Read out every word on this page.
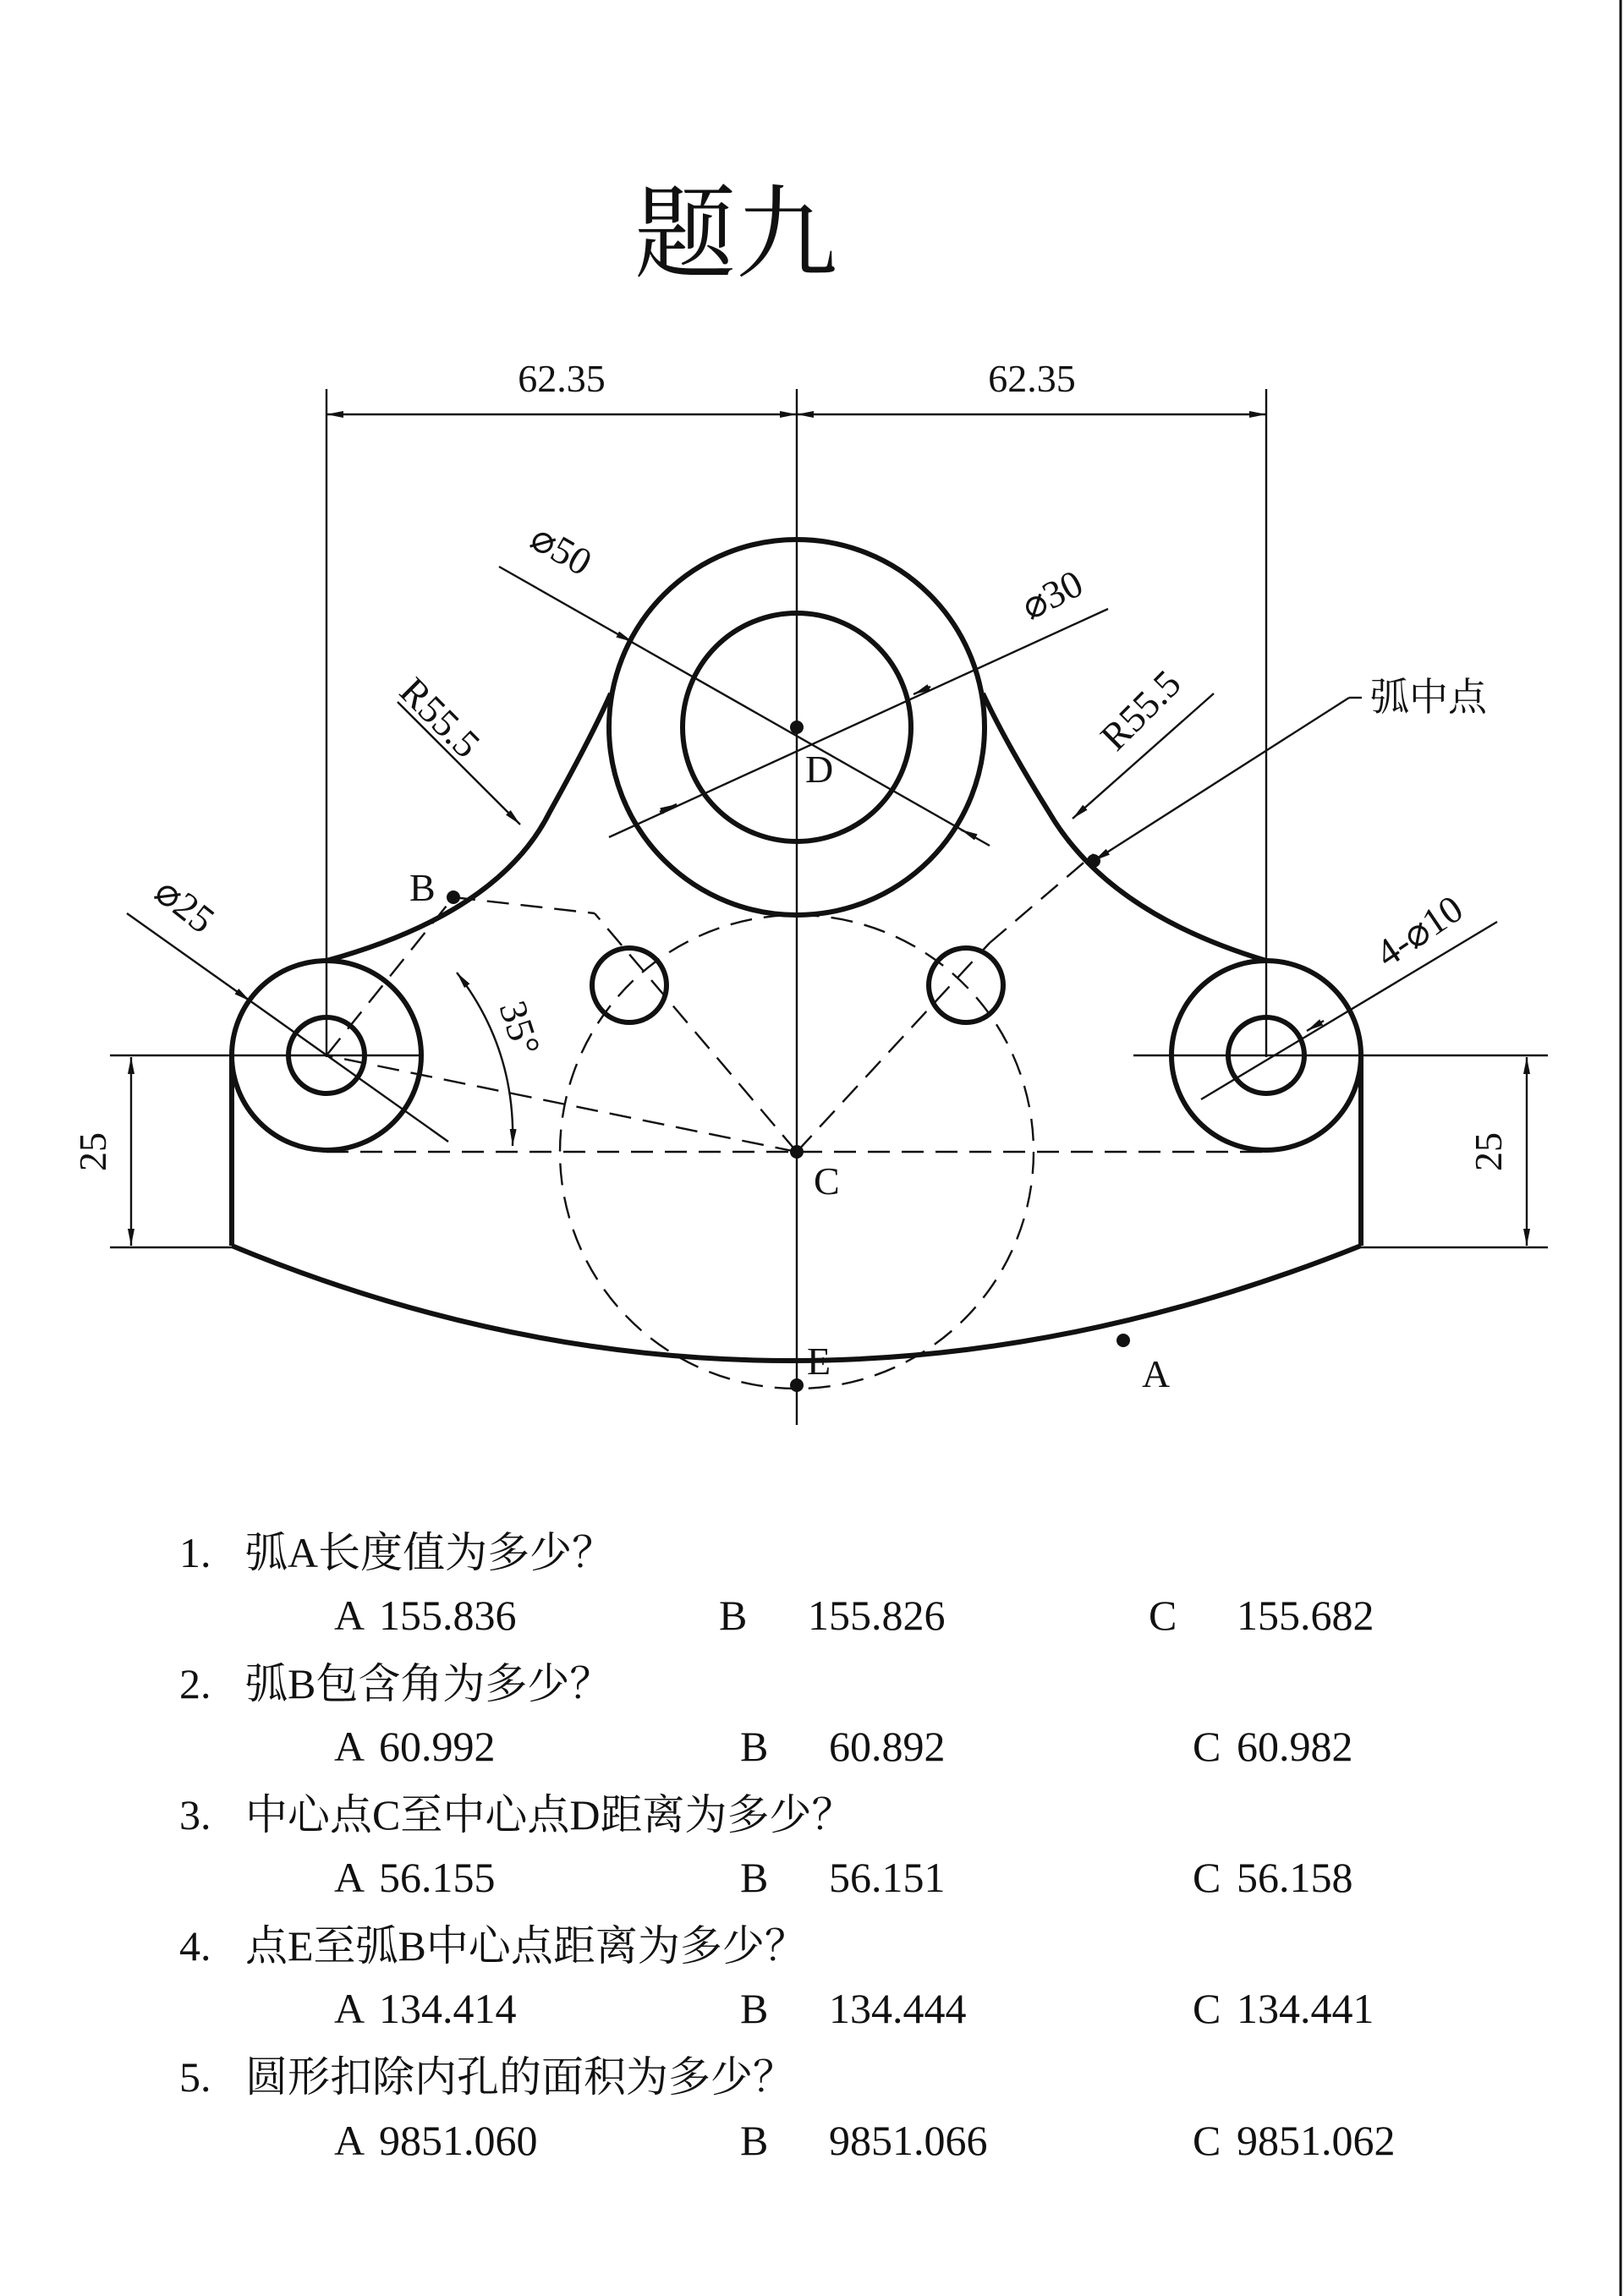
题九
62.35	62.35
D
C
E
B
A
弧中点
⌀50
⌀30
R55.5	R55.5
⌀25	4-⌀10
35°
25	25
1. 弧A长度值为多少？
A 155.836	B 155.826	C 155.682
2. 弧B包含角为多少？
A 60.992	B 60.892	C 60.982
3. 中心点C至中心点D距离为多少？
A 56.155	B 56.151	C 56.158
4. 点E至弧B中心点距离为多少？
A 134.414	B 134.444	C 134.441
5. 圆形扣除内孔的面积为多少？
A 9851.060	B 9851.066	C 9851.062
